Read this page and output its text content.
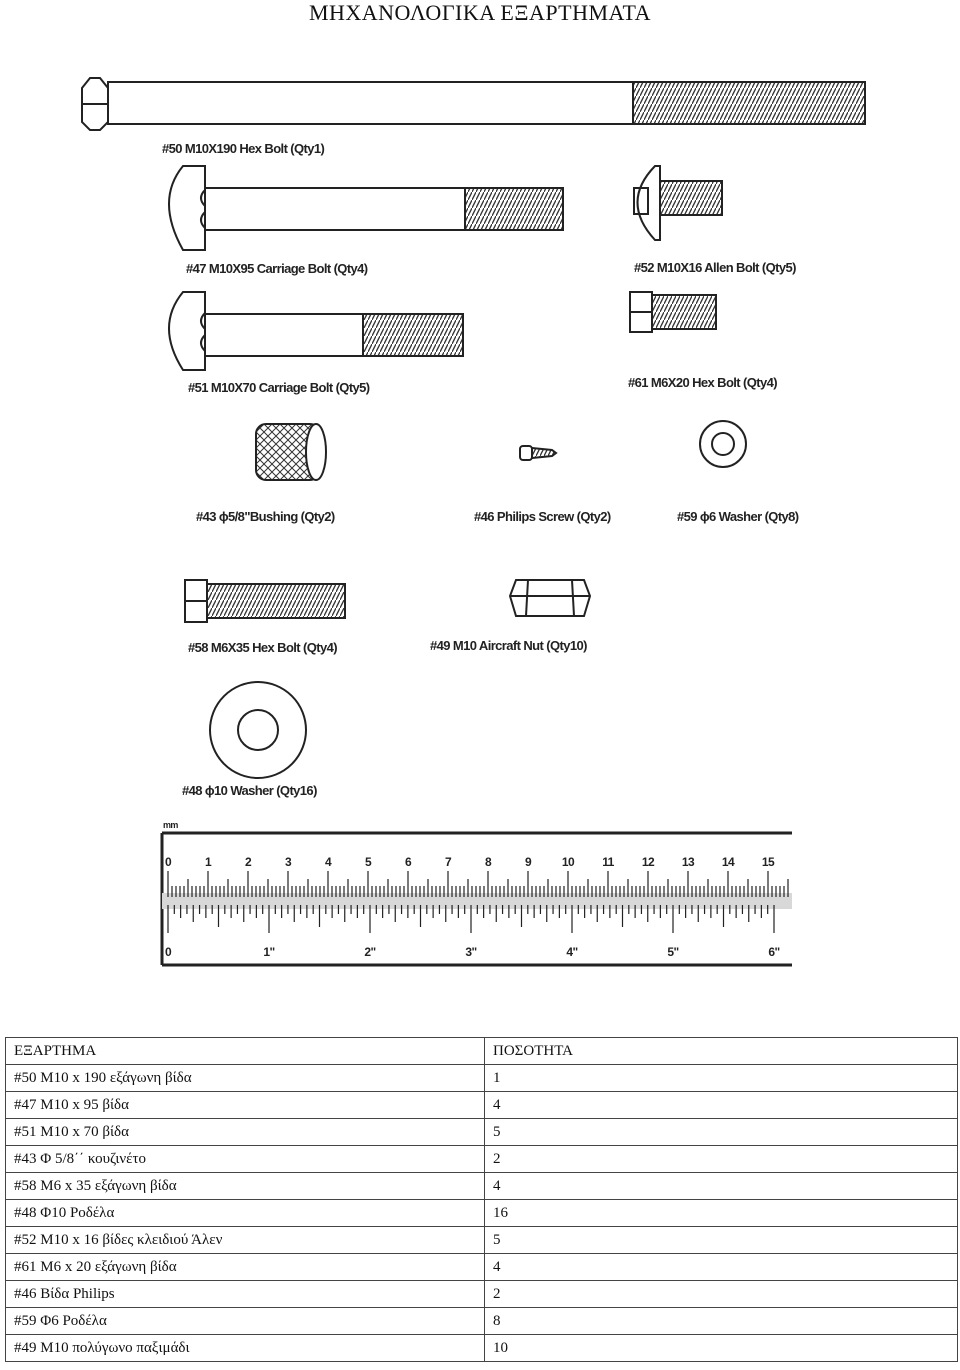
ΜΗΧΑΝΟΛΟΓΙΚΑ ΕΞΑΡΤΗΜΑΤΑ
#50 M10X190 Hex Bolt (Qty1)
#47 M10X95 Carriage Bolt (Qty4)	#52 M10X16 Allen Bolt (Qty5)
#51 M10X70 Carriage Bolt (Qty5)	#61 M6X20 Hex Bolt (Qty4)
#43 ϕ5/8"Bushing (Qty2)	#46 Philips Screw (Qty2)	#59 ϕ6 Washer (Qty8)
#58 M6X35 Hex Bolt (Qty4)	#49 M10 Aircraft Nut (Qty10)
#48 ϕ10 Washer (Qty16)
mm
0	1	2	3	4	5	6	7	8	9	10 11 12 13 14 15
0	1"	2"	3"	4"	5"	6"
ΕΞΑΡΤΗΜΑ	ΠΟΣΟΤΗΤΑ
#50 M10 x 190 εξάγωνη βίδα	1
#47 M10 x 95 βίδα	4
#51 M10 x 70 βίδα	5
#43 Φ 5/8΄΄ κουζινέτο	2
#58 M6 x 35 εξάγωνη βίδα	4
#48 Φ10 Ροδέλα	16
#52 M10 x 16 βίδες κλειδιού Άλεν	5
#61 M6 x 20 εξάγωνη βίδα	4
#46 Βίδα Philips	2
#59 Φ6 Ροδέλα	8
#49 M10 πολύγωνο παξιμάδι	10
